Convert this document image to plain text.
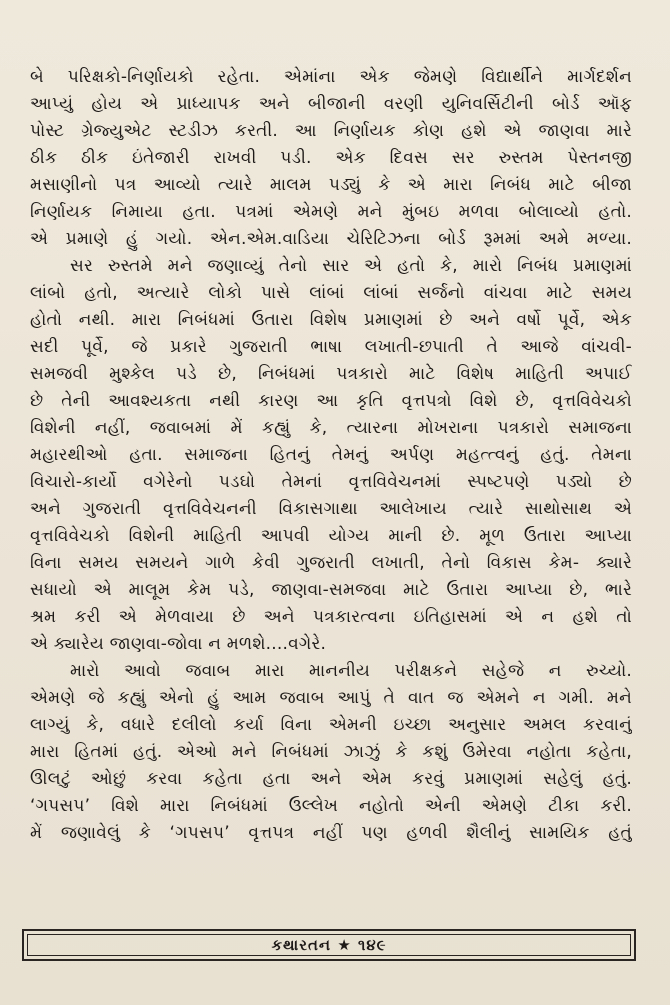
બે પરિક્ષકો-નિર્ણાયકો રહેતા. એમાંના એક જેમણે વિદ્યાર્થીને માર્ગદર્શન
આપ્યું હોય એ પ્રાધ્યાપક અને બીજાની વરણી યુનિવર્સિટીની બોર્ડ ઑફ
પોસ્ટ ગ્રેજ્યુએટ સ્ટડીઝ કરતી. આ નિર્ણાયક કોણ હશે એ જાણવા મારે
ઠીક ઠીક ઇંતેજારી રાખવી પડી. એક દિવસ સર રુસ્તમ પેસ્તનજી
મસાણીનો પત્ર આવ્યો ત્યારે માલમ પડ્યું કે એ મારા નિબંધ માટે બીજા
નિર્ણાયક નિમાયા હતા. પત્રમાં એમણે મને મુંબઇ મળવા બોલાવ્યો હતો.
એ પ્રમાણે હું ગયો. એન.એમ.વાડિયા ચેરિટિઝના બોર્ડ રૂમમાં અમે મળ્યા.
સર રુસ્તમે મને જણાવ્યું તેનો સાર એ હતો કે, મારો નિબંધ પ્રમાણમાં
લાંબો હતો, અત્યારે લોકો પાસે લાંબાં લાંબાં સર્જનો વાંચવા માટે સમય
હોતો નથી. મારા નિબંધમાં ઉતારા વિશેષ પ્રમાણમાં છે અને વર્ષો પૂર્વે, એક
સદી પૂર્વે, જે પ્રકારે ગુજરાતી ભાષા લખાતી-છપાતી તે આજે વાંચવી-
સમજવી મુશ્કેલ પડે છે, નિબંધમાં પત્રકારો માટે વિશેષ માહિતી અપાઈ
છે તેની આવશ્યકતા નથી કારણ આ કૃતિ વૃત્તપત્રો વિશે છે, વૃત્તવિવેચકો
વિશેની નહીં, જવાબમાં મેં કહ્યું કે, ત્યારના મોખરાના પત્રકારો સમાજના
મહારથીઓ હતા. સમાજના હિતનું તેમનું અર્પણ મહત્ત્વનું હતું. તેમના
વિચારો-કાર્યો વગેરેનો પડઘો તેમનાં વૃત્તવિવેચનમાં સ્પષ્ટપણે પડ્યો છે
અને ગુજરાતી વૃત્તવિવેચનની વિકાસગાથા આલેખાય ત્યારે સાથોસાથ એ
વૃત્તવિવેચકો વિશેની માહિતી આપવી યોગ્ય માની છે. મૂળ ઉતારા આપ્યા
વિના સમય સમયને ગાળે કેવી ગુજરાતી લખાતી, તેનો વિકાસ કેમ- ક્યારે
સધાયો એ માલૂમ કેમ પડે, જાણવા-સમજવા માટે ઉતારા આપ્યા છે, ભારે
શ્રમ કરી એ મેળવાયા છે અને પત્રકારત્વના ઇતિહાસમાં એ ન હશે તો
એ ક્યારેય જાણવા-જોવા ન મળશે....વગેરે.
મારો આવો જવાબ મારા માનનીય પરીક્ષકને સહેજે ન રુચ્યો.
એમણે જે કહ્યું એનો હું આમ જવાબ આપું તે વાત જ એમને ન ગમી. મને
લાગ્યું કે, વધારે દલીલો કર્યા વિના એમની ઇચ્છા અનુસાર અમલ કરવાનું
મારા હિતમાં હતું. એઓ મને નિબંધમાં ઝાઝું કે કશું ઉમેરવા નહોતા કહેતા,
ઊલટું ઓછું કરવા કહેતા હતા અને એમ કરવું પ્રમાણમાં સહેલું હતું.
‘ગપસપ’ વિશે મારા નિબંધમાં ઉલ્લેખ નહોતો એની એમણે ટીકા કરી.
મેં જણાવેલું કે ‘ગપસપ’ વૃત્તપત્ર નહીં પણ હળવી શૈલીનું સામયિક હતું
કથારતન ★ ૧૪૯
